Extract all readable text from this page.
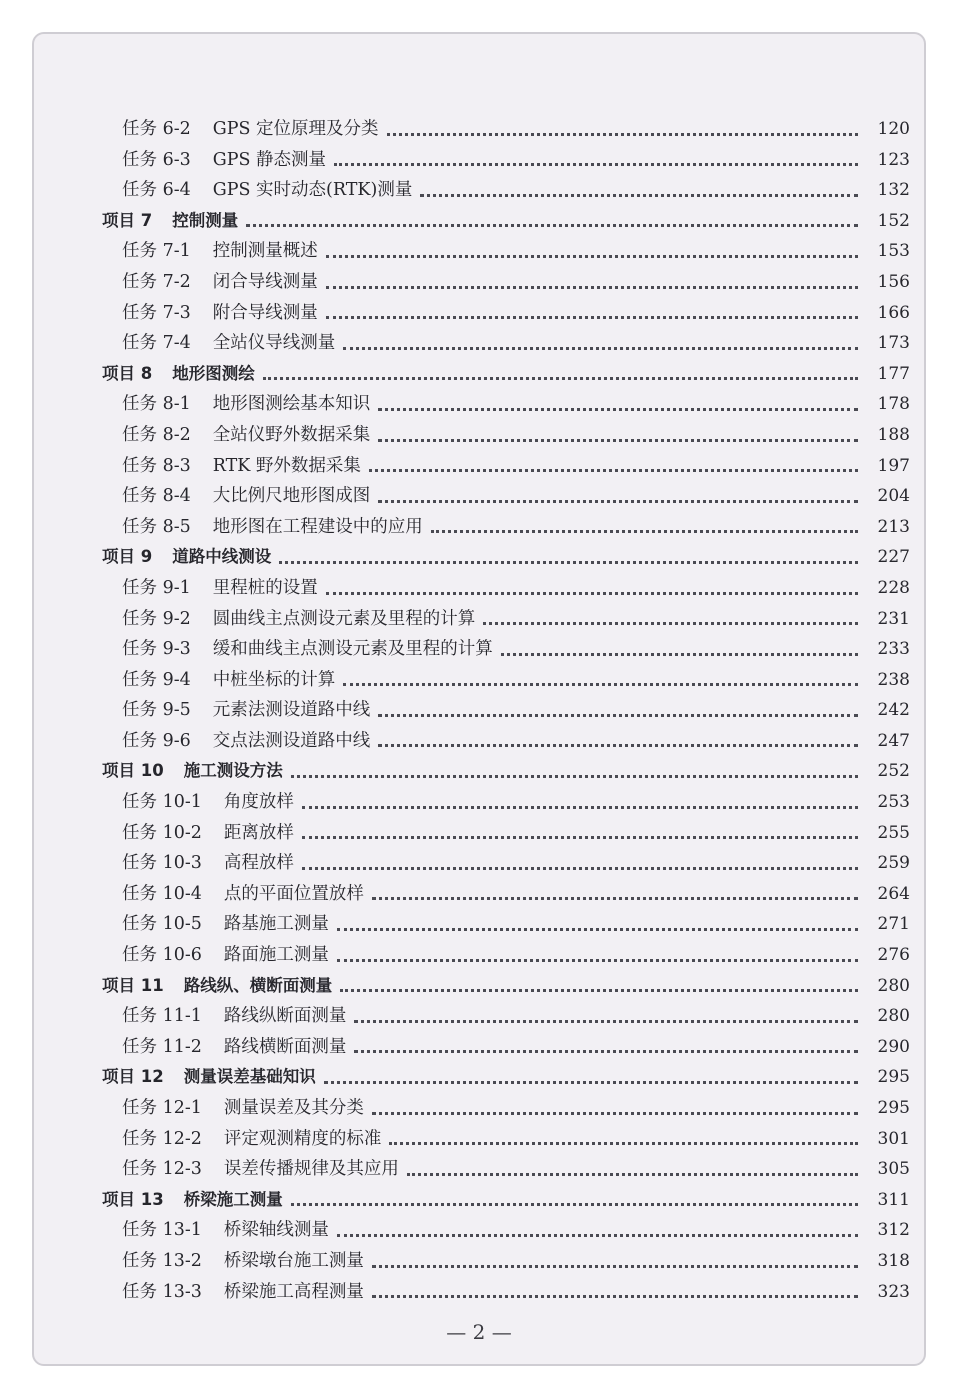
任务 6-2 GPS 定位原理及分类	120
任务 6-3 GPS 静态测量	123
任务 6-4 GPS 实时动态(RTK)测量	132
项目 7 控制测量	152
任务 7-1 控制测量概述	153
任务 7-2 闭合导线测量	156
任务 7-3 附合导线测量	166
任务 7-4 全站仪导线测量	173
项目 8 地形图测绘	177
任务 8-1 地形图测绘基本知识	178
任务 8-2 全站仪野外数据采集	188
任务 8-3 RTK 野外数据采集	197
任务 8-4 大比例尺地形图成图	204
任务 8-5 地形图在工程建设中的应用	213
项目 9 道路中线测设	227
任务 9-1 里程桩的设置	228
任务 9-2 圆曲线主点测设元素及里程的计算	231
任务 9-3 缓和曲线主点测设元素及里程的计算	233
任务 9-4 中桩坐标的计算	238
任务 9-5 元素法测设道路中线	242
任务 9-6 交点法测设道路中线	247
项目 10 施工测设方法	252
任务 10-1 角度放样	253
任务 10-2 距离放样	255
任务 10-3 高程放样	259
任务 10-4 点的平面位置放样	264
任务 10-5 路基施工测量	271
任务 10-6 路面施工测量	276
项目 11 路线纵、横断面测量	280
任务 11-1 路线纵断面测量	280
任务 11-2 路线横断面测量	290
项目 12 测量误差基础知识	295
任务 12-1 测量误差及其分类	295
任务 12-2 评定观测精度的标准	301
任务 12-3 误差传播规律及其应用	305
项目 13 桥梁施工测量	311
任务 13-1 桥梁轴线测量	312
任务 13-2 桥梁墩台施工测量	318
任务 13-3 桥梁施工高程测量	323
— 2 —
